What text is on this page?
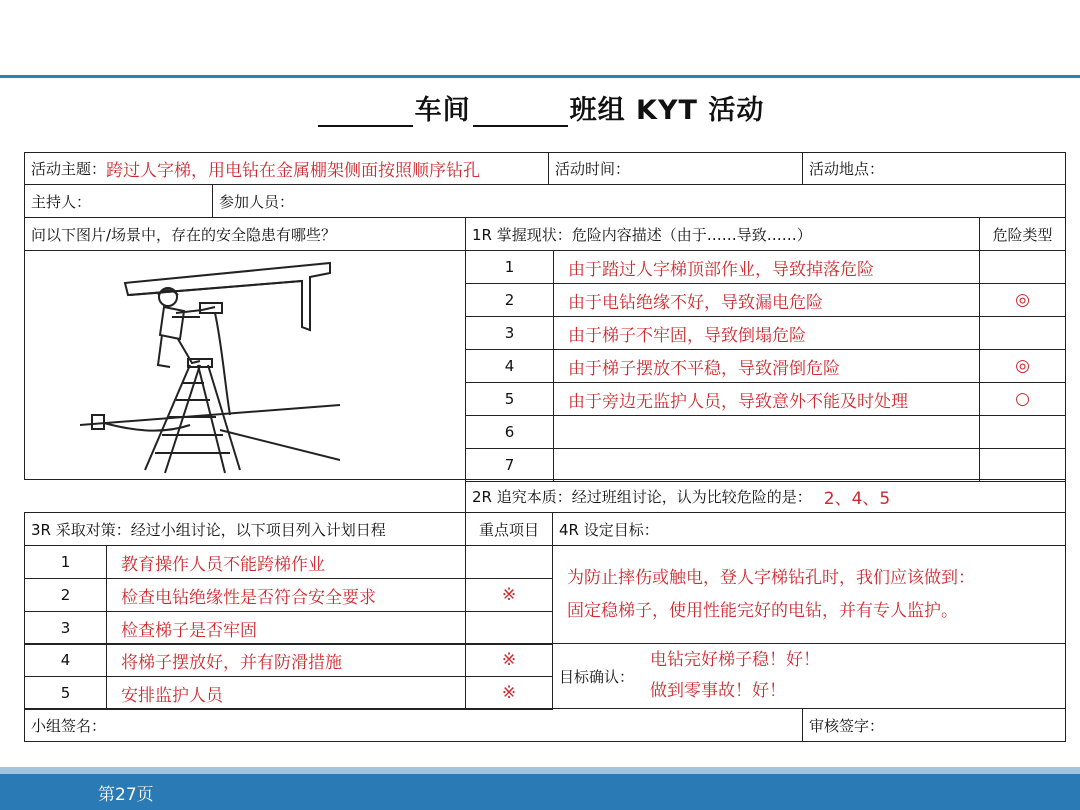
车间	班组 KYT 活动
活动主题： 跨过人字梯，用电钻在金属棚架侧面按照顺序钻孔	活动时间：	活动地点：
主持人：	参加人员：
问以下图片/场景中，存在的安全隐患有哪些？	1R 掌握现状：危险内容描述（由于……导致……）	危险类型
1	由于踏过人字梯顶部作业，导致掉落危险
2	由于电钻绝缘不好，导致漏电危险	◎
3	由于梯子不牢固，导致倒塌危险
4	由于梯子摆放不平稳，导致滑倒危险	◎
5	由于旁边无监护人员，导致意外不能及时处理	○
6
7
2R 追究本质：经过班组讨论，认为比较危险的是： 2、4、5
3R 采取对策：经过小组讨论，以下项目列入计划日程	重点项目 4R 设定目标：
1	教育操作人员不能跨梯作业
2	检查电钻绝缘性是否符合安全要求	※
3	检查梯子是否牢固
4	将梯子摆放好，并有防滑措施	※
5	安排监护人员	※
为防止摔伤或触电，登人字梯钻孔时，我们应该做到：
固定稳梯子，使用性能完好的电钻，并有专人监护。
目标确认：
电钻完好梯子稳！好！
做到零事故！好！
小组签名：	审核签字：
第27页
